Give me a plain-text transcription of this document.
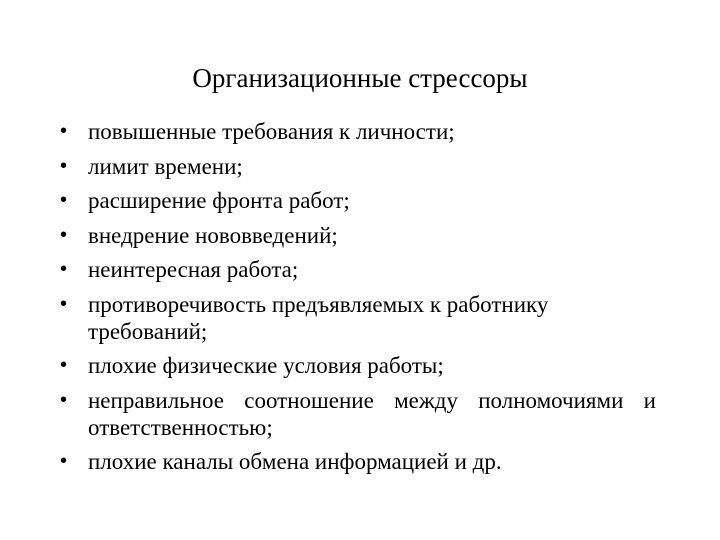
Организационные стрессоры
• повышенные требования к личности;
• лимит времени;
• расширение фронта работ;
• внедрение нововведений;
• неинтересная работа;
• противоречивость предъявляемых к работнику требований;
• плохие физические условия работы;
• неправильное соотношение между полномочиями и ответственностью;
• плохие каналы обмена информацией и др.
